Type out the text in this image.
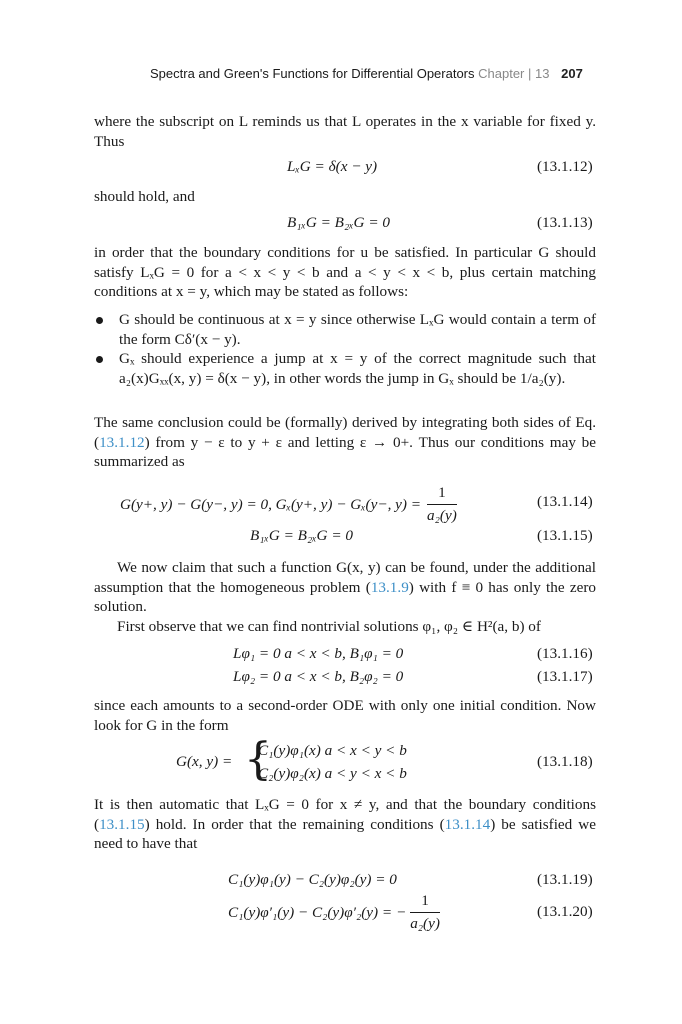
Spectra and Green's Functions for Differential Operators Chapter | 13 207
where the subscript on L reminds us that L operates in the x variable for fixed y. Thus
LₓG = δ(x − y)	(13.1.12)
should hold, and
B₁ₓG = B₂ₓG = 0	(13.1.13)
in order that the boundary conditions for u be satisfied. In particular G should satisfy LₓG = 0 for a < x < y < b and a < y < x < b, plus certain matching conditions at x = y, which may be stated as follows:
G should be continuous at x = y since otherwise LₓG would contain a term of the form Cδ′(x − y).
Gₓ should experience a jump at x = y of the correct magnitude such that a₂(x)Gₓₓ(x, y) = δ(x − y), in other words the jump in Gₓ should be 1/a₂(y).
The same conclusion could be (formally) derived by integrating both sides of Eq. (13.1.12) from y − ε to y + ε and letting ε → 0+. Thus our conditions may be summarized as
G(y+, y) − G(y−, y) = 0, Gₓ(y+, y) − Gₓ(y−, $y) = \frac{1}{\text{a₂(y)}}$	(13.1.14)
B₁ₓG = B₂ₓG = 0	(13.1.15)
We now claim that such a function G(x, y) can be found, under the additional assumption that the homogeneous problem (13.1.9) with f ≡ 0 has only the zero solution.
First observe that we can find nontrivial solutions φ₁, φ₂ ∈ H²(a, b) of
Lφ₁ = 0 a < x < b, B₁φ₁ = 0	(13.1.16)
Lφ₂ = 0 a < x < b, B₂φ₂ = 0	(13.1.17)
since each amounts to a second-order ODE with only one initial condition. Now look for G in the form
G(x, y) = {
C₁(y)φ₁(x) a < x < y < b
C₂(y)φ₂(x) a < y < x < b
(13.1.18)
It is then automatic that LₓG = 0 for x ≠ y, and that the boundary conditions (13.1.15) hold. In order that the remaining conditions (13.1.14) be satisfied we need to have that
C₁(y)φ₁(y) − C₂(y)φ₂(y) = 0	(13.1.19)
C₁(y)φ′₁(y) − C₂(y)φ′₂(y) = − $\frac{1}{\text{a₂(y)}}$	(13.1.20)
